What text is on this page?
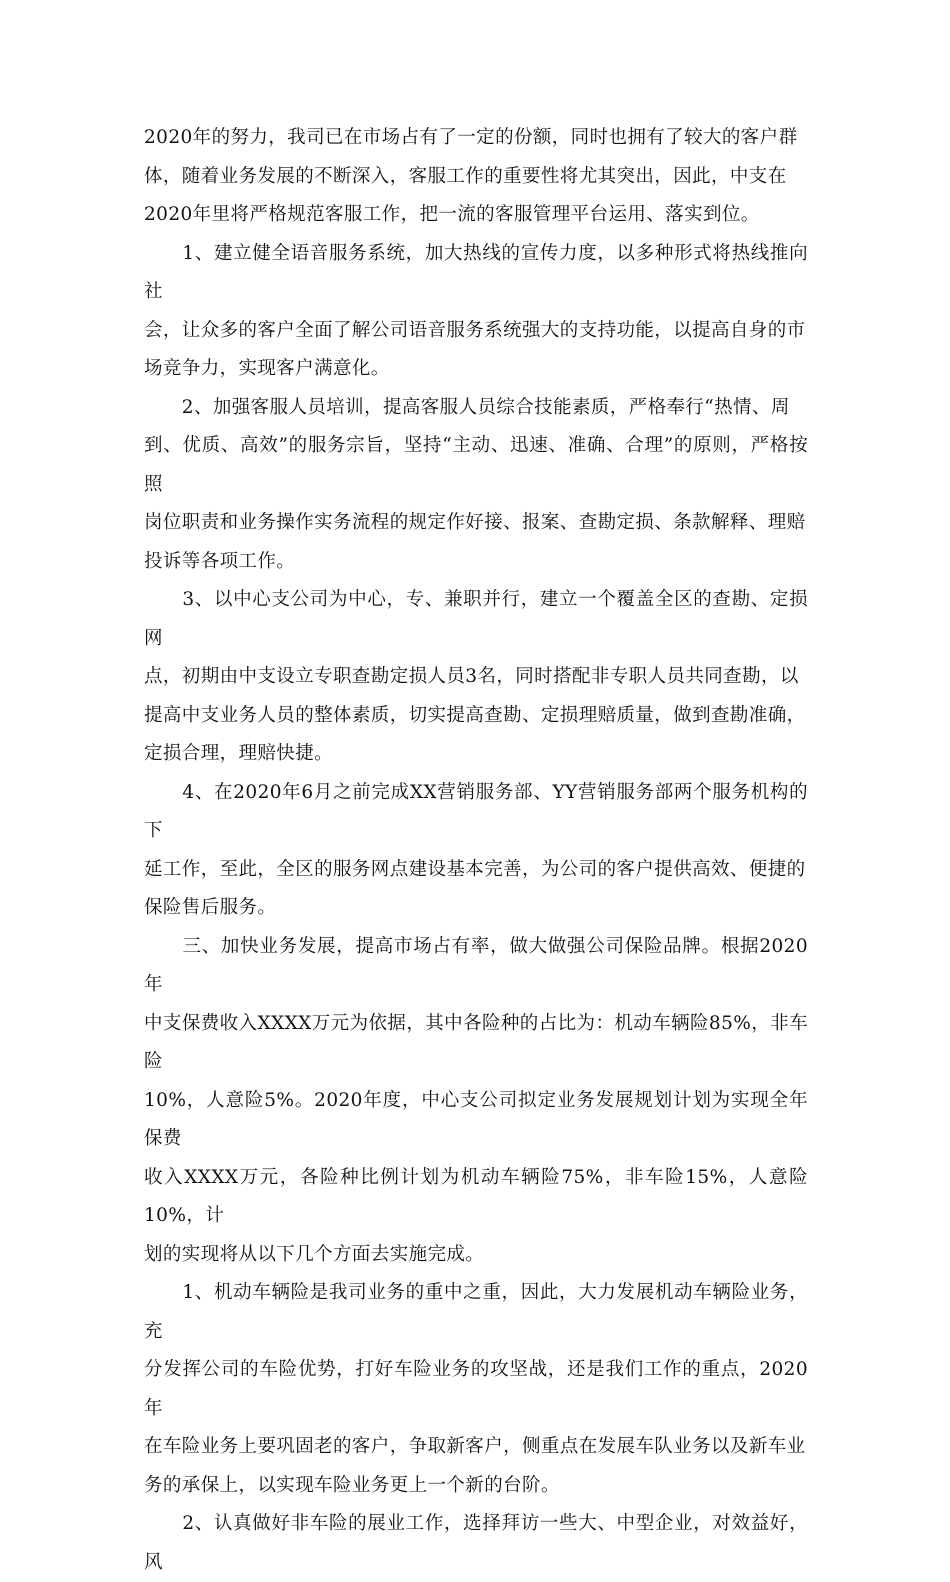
2020年的努力，我司已在市场占有了一定的份额，同时也拥有了较大的客户群
体，随着业务发展的不断深入，客服工作的重要性将尤其突出，因此，中支在
2020年里将严格规范客服工作，把一流的客服管理平台运用、落实到位。

　　1、建立健全语音服务系统，加大热线的宣传力度，以多种形式将热线推向社
会，让众多的客户全面了解公司语音服务系统强大的支持功能，以提高自身的市
场竞争力，实现客户满意化。

　　2、加强客服人员培训，提高客服人员综合技能素质，严格奉行“热情、周
到、优质、高效”的服务宗旨，坚持“主动、迅速、准确、合理”的原则，严格按照
岗位职责和业务操作实务流程的规定作好接、报案、查勘定损、条款解释、理赔
投诉等各项工作。

　　3、以中心支公司为中心，专、兼职并行，建立一个覆盖全区的查勘、定损网
点，初期由中支设立专职查勘定损人员3名，同时搭配非专职人员共同查勘，以
提高中支业务人员的整体素质，切实提高查勘、定损理赔质量，做到查勘准确，
定损合理，理赔快捷。

　　4、在2020年6月之前完成XX营销服务部、YY营销服务部两个服务机构的下
延工作，至此，全区的服务网点建设基本完善，为公司的客户提供高效、便捷的
保险售后服务。

　　三、加快业务发展，提高市场占有率，做大做强公司保险品牌。根据2020年
中支保费收入XXXX万元为依据，其中各险种的占比为：机动车辆险85%，非车险
10%，人意险5%。2020年度，中心支公司拟定业务发展规划计划为实现全年保费
收入XXXX万元，各险种比例计划为机动车辆险75%，非车险15%，人意险10%，计
划的实现将从以下几个方面去实施完成。

　　1、机动车辆险是我司业务的重中之重，因此，大力发展机动车辆险业务，充
分发挥公司的车险优势，打好车险业务的攻坚战，还是我们工作的重点，2020年
在车险业务上要巩固老的客户，争取新客户，侧重点在发展车队业务以及新车业
务的承保上，以实现车险业务更上一个新的台阶。

　　2、认真做好非车险的展业工作，选择拜访一些大、中型企业，对效益好，风
